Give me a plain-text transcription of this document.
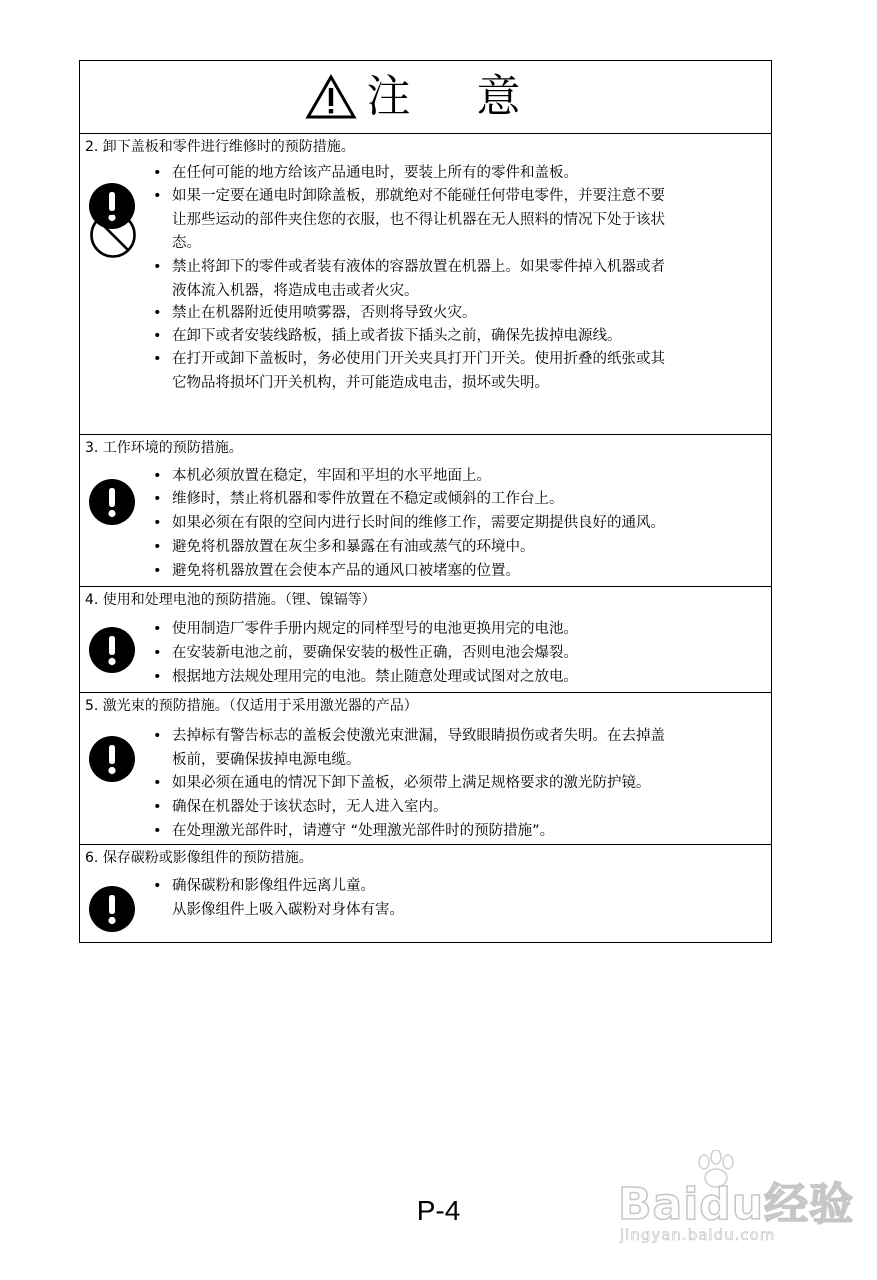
注 意
2. 卸下盖板和零件进行维修时的预防措施。
• 在任何可能的地方给该产品通电时，要装上所有的零件和盖板。
• 如果一定要在通电时卸除盖板，那就绝对不能碰任何带电零件，并要注意不要
让那些运动的部件夹住您的衣服，也不得让机器在无人照料的情况下处于该状
态。
• 禁止将卸下的零件或者装有液体的容器放置在机器上。如果零件掉入机器或者
液体流入机器，将造成电击或者火灾。
• 禁止在机器附近使用喷雾器，否则将导致火灾。
• 在卸下或者安装线路板，插上或者拔下插头之前，确保先拔掉电源线。
• 在打开或卸下盖板时，务必使用门开关夹具打开门开关。使用折叠的纸张或其
它物品将损坏门开关机构，并可能造成电击，损坏或失明。
3. 工作环境的预防措施。
• 本机必须放置在稳定，牢固和平坦的水平地面上。
• 维修时，禁止将机器和零件放置在不稳定或倾斜的工作台上。
• 如果必须在有限的空间内进行长时间的维修工作，需要定期提供良好的通风。
• 避免将机器放置在灰尘多和暴露在有油或蒸气的环境中。
• 避免将机器放置在会使本产品的通风口被堵塞的位置。
4. 使用和处理电池的预防措施。（锂、镍镉等）
• 使用制造厂零件手册内规定的同样型号的电池更换用完的电池。
• 在安装新电池之前，要确保安装的极性正确，否则电池会爆裂。
• 根据地方法规处理用完的电池。禁止随意处理或试图对之放电。
5. 激光束的预防措施。（仅适用于采用激光器的产品）
• 去掉标有警告标志的盖板会使激光束泄漏，导致眼睛损伤或者失明。在去掉盖
板前，要确保拔掉电源电缆。
• 如果必须在通电的情况下卸下盖板，必须带上满足规格要求的激光防护镜。
• 确保在机器处于该状态时，无人进入室内。
• 在处理激光部件时，请遵守 “处理激光部件时的预防措施”。
6. 保存碳粉或影像组件的预防措施。
• 确保碳粉和影像组件远离儿童。
从影像组件上吸入碳粉对身体有害。
P-4	Baidu经验
jingyan.baidu.com
